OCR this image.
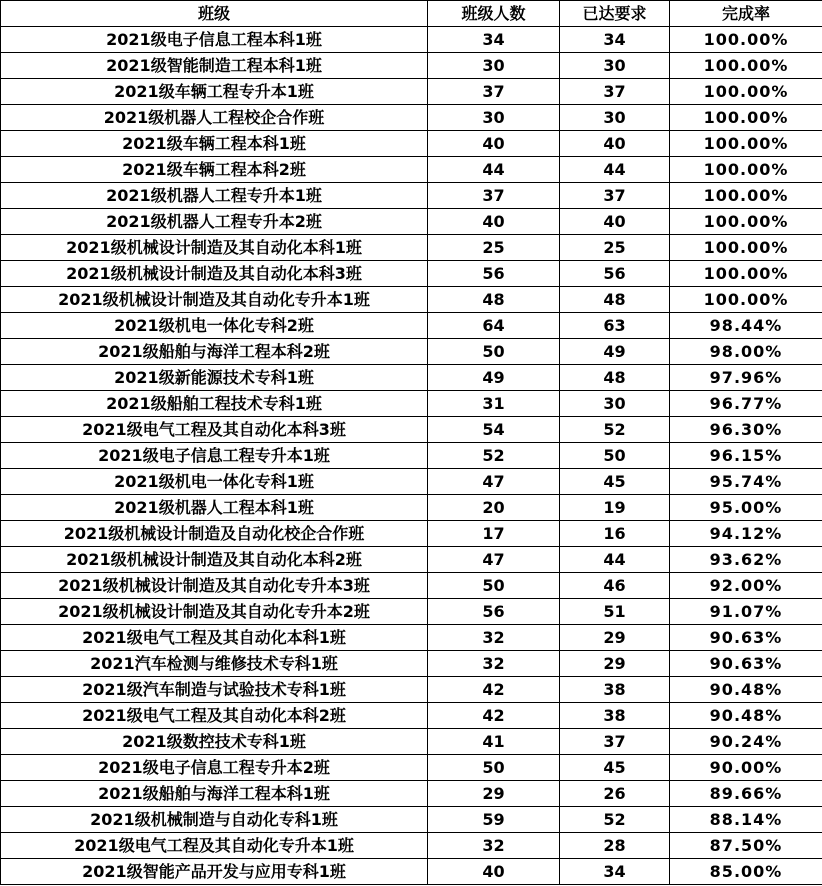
班级	班级人数	已达要求	完成率
2021级电子信息工程本科1班	34	34	100.00%
2021级智能制造工程本科1班	30	30	100.00%
2021级车辆工程专升本1班	37	37	100.00%
2021级机器人工程校企合作班	30	30	100.00%
2021级车辆工程本科1班	40	40	100.00%
2021级车辆工程本科2班	44	44	100.00%
2021级机器人工程专升本1班	37	37	100.00%
2021级机器人工程专升本2班	40	40	100.00%
2021级机械设计制造及其自动化本科1班	25	25	100.00%
2021级机械设计制造及其自动化本科3班	56	56	100.00%
2021级机械设计制造及其自动化专升本1班	48	48	100.00%
2021级机电一体化专科2班	64	63	98.44%
2021级船舶与海洋工程本科2班	50	49	98.00%
2021级新能源技术专科1班	49	48	97.96%
2021级船舶工程技术专科1班	31	30	96.77%
2021级电气工程及其自动化本科3班	54	52	96.30%
2021级电子信息工程专升本1班	52	50	96.15%
2021级机电一体化专科1班	47	45	95.74%
2021级机器人工程本科1班	20	19	95.00%
2021级机械设计制造及自动化校企合作班	17	16	94.12%
2021级机械设计制造及其自动化本科2班	47	44	93.62%
2021级机械设计制造及其自动化专升本3班	50	46	92.00%
2021级机械设计制造及其自动化专升本2班	56	51	91.07%
2021级电气工程及其自动化本科1班	32	29	90.63%
2021汽车检测与维修技术专科1班	32	29	90.63%
2021级汽车制造与试验技术专科1班	42	38	90.48%
2021级电气工程及其自动化本科2班	42	38	90.48%
2021级数控技术专科1班	41	37	90.24%
2021级电子信息工程专升本2班	50	45	90.00%
2021级船舶与海洋工程本科1班	29	26	89.66%
2021级机械制造与自动化专科1班	59	52	88.14%
2021级电气工程及其自动化专升本1班	32	28	87.50%
2021级智能产品开发与应用专科1班	40	34	85.00%
